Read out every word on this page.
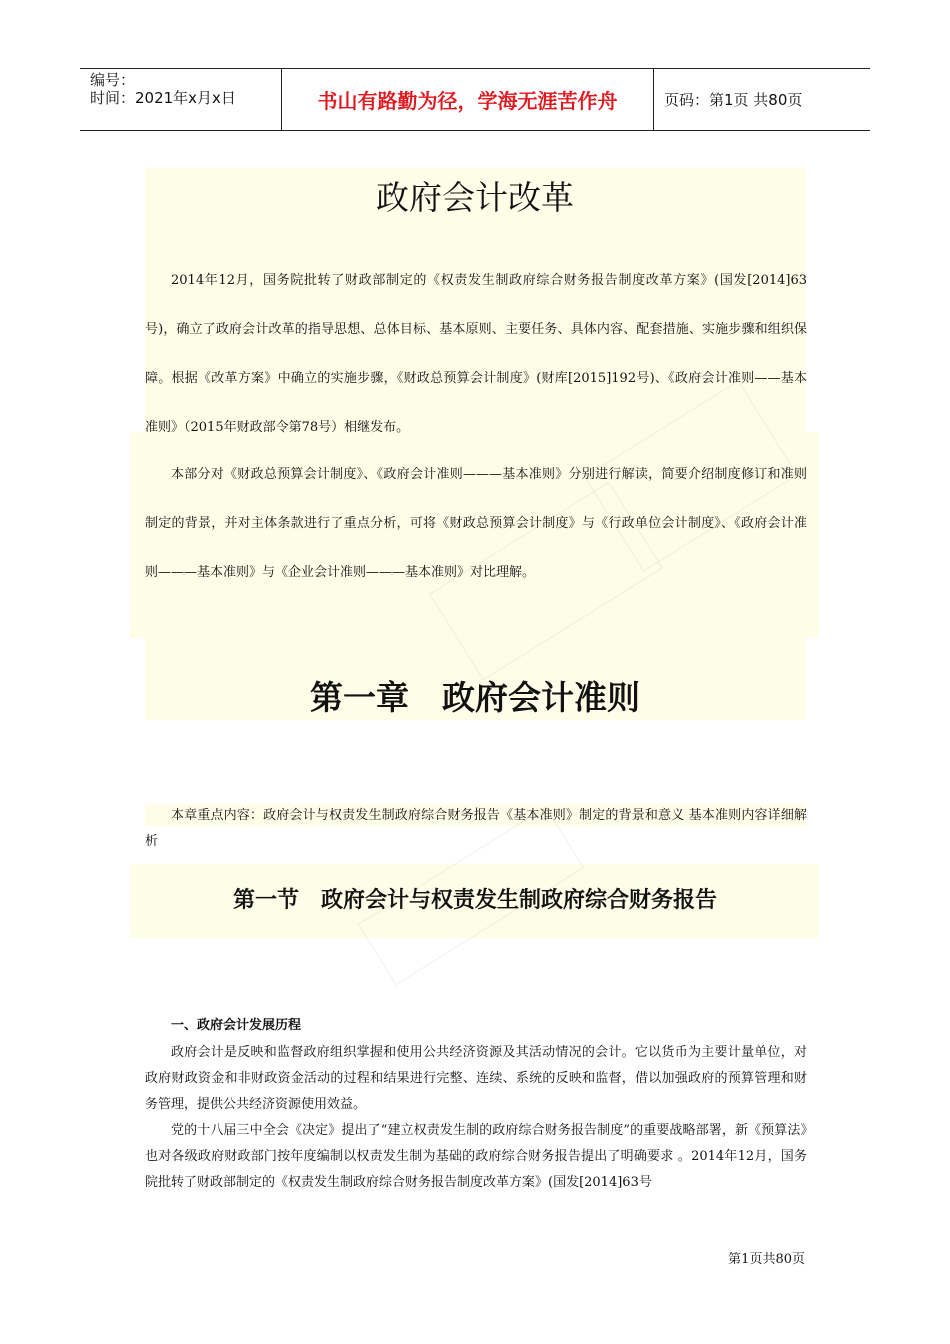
编号：
时间：2021年x月x日	书山有路勤为径，学海无涯苦作舟	页码：第1页 共80页
政府会计改革

2014年12月，国务院批转了财政部制定的《权责发生制政府综合财务报告制度改革方案》(国发[2014]63号)，确立了政府会计改革的指导思想、总体目标、基本原则、主要任务、具体内容、配套措施、实施步骤和组织保障。根据《改革方案》中确立的实施步骤，《财政总预算会计制度》(财库[2015]192号)、《政府会计准则——基本准则》（2015年财政部令第78号）相继发布。

本部分对《财政总预算会计制度》、《政府会计准则———基本准则》分别进行解读，简要介绍制度修订和准则制定的背景，并对主体条款进行了重点分析，可将《财政总预算会计制度》与《行政单位会计制度》、《政府会计准则———基本准则》与《企业会计准则———基本准则》对比理解。

第一章　政府会计准则

本章重点内容：政府会计与权责发生制政府综合财务报告《基本准则》制定的背景和意义 基本准则内容详细解析

第一节　政府会计与权责发生制政府综合财务报告
一、政府会计发展历程

政府会计是反映和监督政府组织掌握和使用公共经济资源及其活动情况的会计。它以货币为主要计量单位，对政府财政资金和非财政资金活动的过程和结果进行完整、连续、系统的反映和监督，借以加强政府的预算管理和财务管理，提供公共经济资源使用效益。

党的十八届三中全会《决定》提出了“建立权责发生制的政府综合财务报告制度”的重要战略部署，新《预算法》也对各级政府财政部门按年度编制以权责发生制为基础的政府综合财务报告提出了明确要求 。2014年12月，国务院批转了财政部制定的《权责发生制政府综合财务报告制度改革方案》(国发[2014]63号

第1页共80页
